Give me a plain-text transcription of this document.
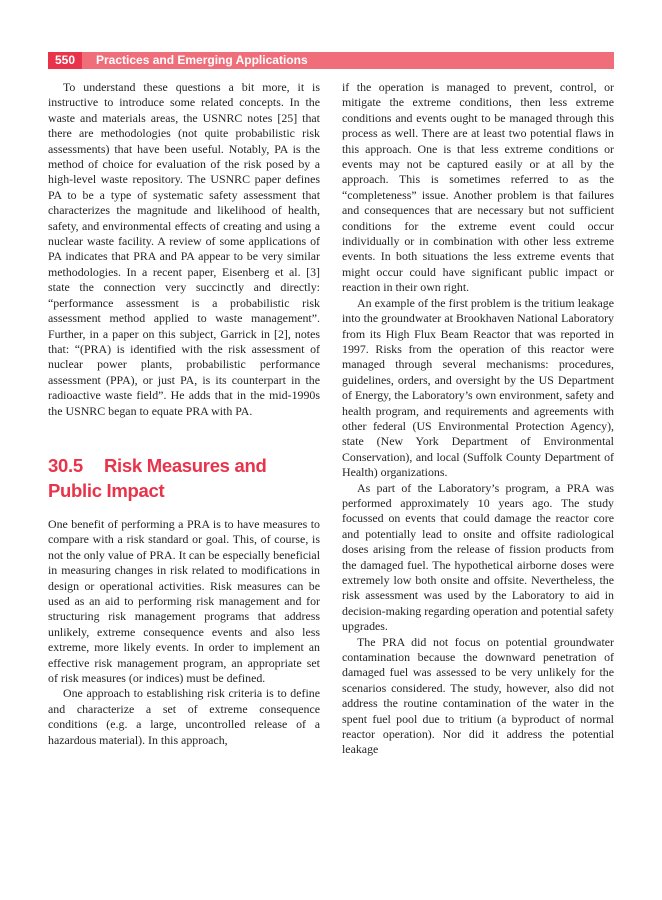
550	Practices and Emerging Applications

To understand these questions a bit more, it is instructive to introduce some related concepts. In the waste and materials areas, the USNRC notes [25] that there are methodologies (not quite probabilistic risk assessments) that have been useful. Notably, PA is the method of choice for evaluation of the risk posed by a high-level waste repository. The USNRC paper defines PA to be a type of systematic safety assessment that characterizes the magnitude and likelihood of health, safety, and environmental effects of creating and using a nuclear waste facility. A review of some applications of PA indicates that PRA and PA appear to be very similar methodologies. In a recent paper, Eisenberg et al. [3] state the connection very succinctly and directly: “performance assessment is a probabilistic risk assessment method applied to waste management”. Further, in a paper on this subject, Garrick in [2], notes that: “(PRA) is identified with the risk assessment of nuclear power plants, probabilistic performance assessment (PPA), or just PA, is its counterpart in the radioactive waste field”. He adds that in the mid-1990s the USNRC began to equate PRA with PA.

30.5 Risk Measures and Public Impact

One benefit of performing a PRA is to have measures to compare with a risk standard or goal. This, of course, is not the only value of PRA. It can be especially beneficial in measuring changes in risk related to modifications in design or operational activities. Risk measures can be used as an aid to performing risk management and for structuring risk management programs that address unlikely, extreme consequence events and also less extreme, more likely events. In order to implement an effective risk management program, an appropriate set of risk measures (or indices) must be defined.

One approach to establishing risk criteria is to define and characterize a set of extreme consequence conditions (e.g. a large, uncontrolled release of a hazardous material). In this approach,

if the operation is managed to prevent, control, or mitigate the extreme conditions, then less extreme conditions and events ought to be managed through this process as well. There are at least two potential flaws in this approach. One is that less extreme conditions or events may not be captured easily or at all by the approach. This is sometimes referred to as the “completeness” issue. Another problem is that failures and consequences that are necessary but not sufficient conditions for the extreme event could occur individually or in combination with other less extreme events. In both situations the less extreme events that might occur could have significant public impact or reaction in their own right.

An example of the first problem is the tritium leakage into the groundwater at Brookhaven National Laboratory from its High Flux Beam Reactor that was reported in 1997. Risks from the operation of this reactor were managed through several mechanisms: procedures, guidelines, orders, and oversight by the US Department of Energy, the Laboratory’s own environment, safety and health program, and requirements and agreements with other federal (US Environmental Protection Agency), state (New York Department of Environmental Conservation), and local (Suffolk County Department of Health) organizations.

As part of the Laboratory’s program, a PRA was performed approximately 10 years ago. The study focussed on events that could damage the reactor core and potentially lead to onsite and offsite radiological doses arising from the release of fission products from the damaged fuel. The hypothetical airborne doses were extremely low both onsite and offsite. Nevertheless, the risk assessment was used by the Laboratory to aid in decision-making regarding operation and potential safety upgrades.

The PRA did not focus on potential groundwater contamination because the downward penetration of damaged fuel was assessed to be very unlikely for the scenarios considered. The study, however, also did not address the routine contamination of the water in the spent fuel pool due to tritium (a byproduct of normal reactor operation). Nor did it address the potential leakage
